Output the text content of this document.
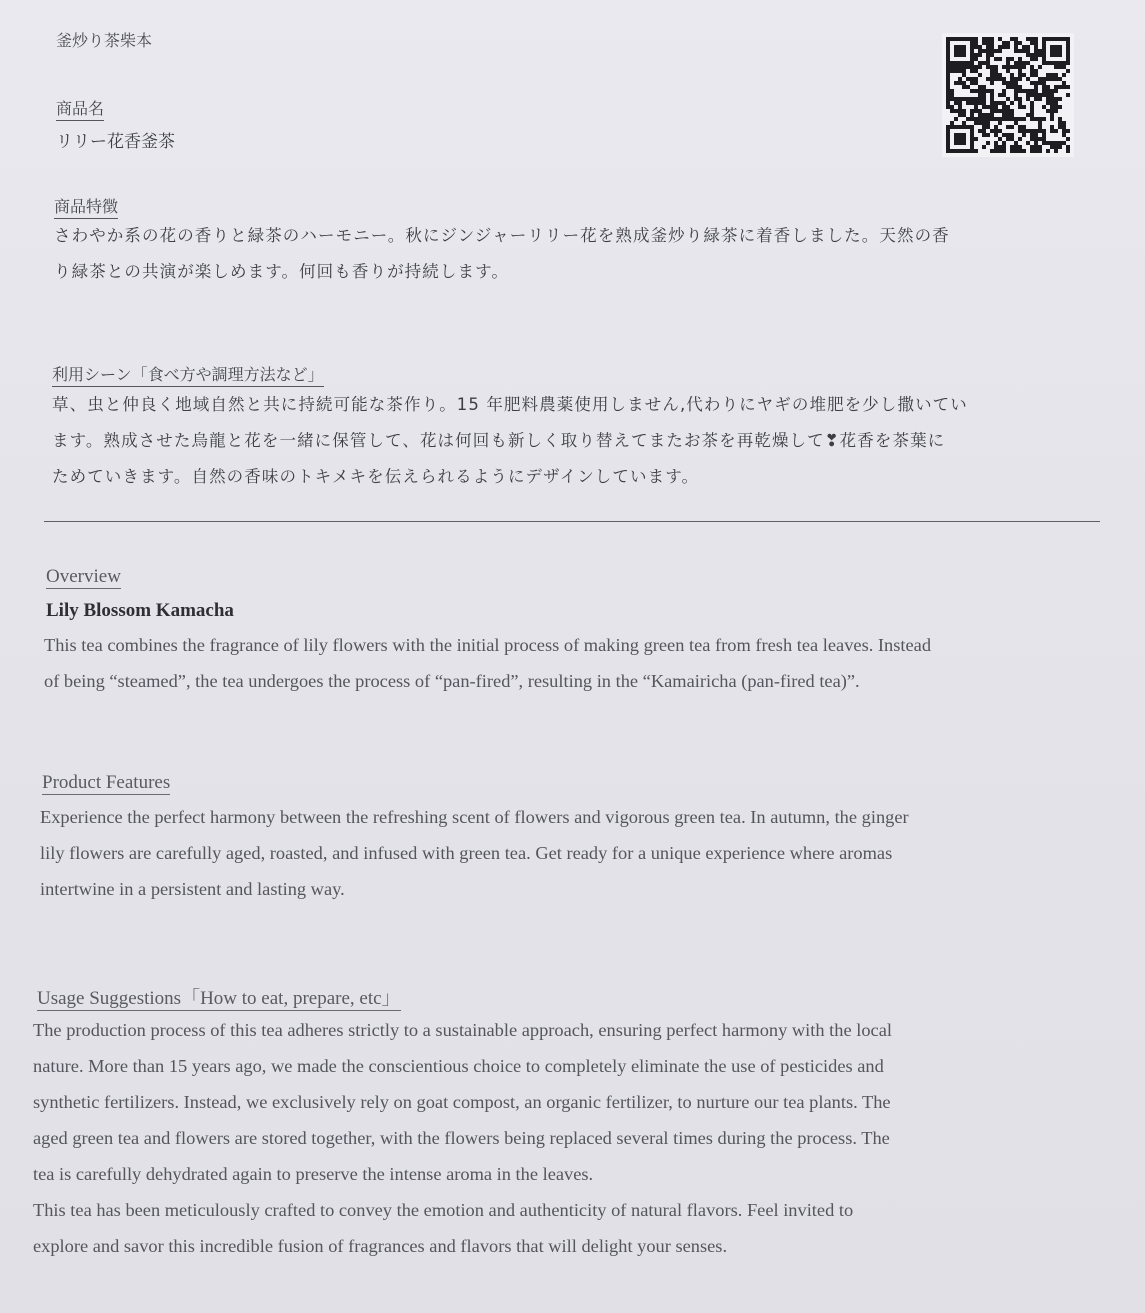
釜炒り茶柴本
商品名
リリー花香釜茶
商品特徴
さわやか系の花の香りと緑茶のハーモニー。秋にジンジャーリリー花を熟成釜炒り緑茶に着香しました。天然の香
り緑茶との共演が楽しめます。何回も香りが持続します。
利用シーン「食べ方や調理方法など」
草、虫と仲良く地域自然と共に持続可能な茶作り。15 年肥料農薬使用しません,代わりにヤギの堆肥を少し撒いてい
ます。熟成させた烏龍と花を一緒に保管して、花は何回も新しく取り替えてまたお茶を再乾燥して❣花香を茶葉に
ためていきます。自然の香味のトキメキを伝えられるようにデザインしています。
Overview
Lily Blossom Kamacha

This tea combines the fragrance of lily flowers with the initial process of making green tea from fresh tea leaves. Instead

of being “steamed”, the tea undergoes the process of “pan-fired”, resulting in the “Kamairicha (pan-fired tea)”.

Product Features

Experience the perfect harmony between the refreshing scent of flowers and vigorous green tea. In autumn, the ginger

lily flowers are carefully aged, roasted, and infused with green tea. Get ready for a unique experience where aromas

intertwine in a persistent and lasting way.

Usage Suggestions「How to eat, prepare, etc」

The production process of this tea adheres strictly to a sustainable approach, ensuring perfect harmony with the local

nature. More than 15 years ago, we made the conscientious choice to completely eliminate the use of pesticides and

synthetic fertilizers. Instead, we exclusively rely on goat compost, an organic fertilizer, to nurture our tea plants. The

aged green tea and flowers are stored together, with the flowers being replaced several times during the process. The

tea is carefully dehydrated again to preserve the intense aroma in the leaves.

This tea has been meticulously crafted to convey the emotion and authenticity of natural flavors. Feel invited to

explore and savor this incredible fusion of fragrances and flavors that will delight your senses.
